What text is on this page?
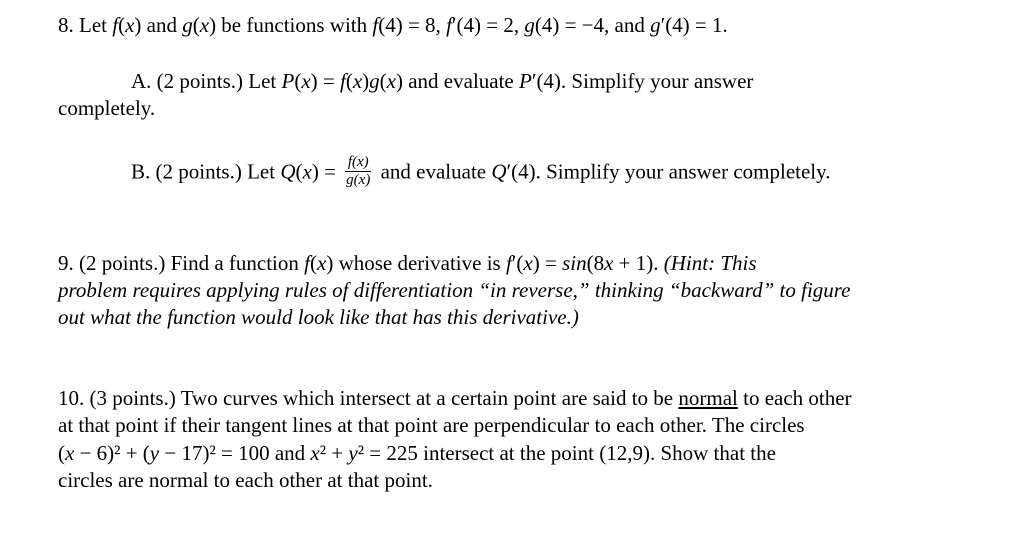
8. Let f(x) and g(x) be functions with f(4) = 8, f′(4) = 2, g(4) = −4, and g′(4) = 1.
A. (2 points.) Let P(x) = f(x)g(x) and evaluate P′(4). Simplify your answer
completely.
B. (2 points.) Let $Q(x) = \frac{f(x)}{g(x)}$ and evaluate Q′(4). Simplify your answer completely.
9. (2 points.) Find a function f(x) whose derivative is f′(x) = sin(8x + 1). (Hint: This
problem requires applying rules of differentiation “in reverse,” thinking “backward” to figure
out what the function would look like that has this derivative.)
10. (3 points.) Two curves which intersect at a certain point are said to be normal to each other
at that point if their tangent lines at that point are perpendicular to each other. The circles
(x − 6)² + (y − 17)² = 100 and x² + y² = 225 intersect at the point (12,9). Show that the
circles are normal to each other at that point.
